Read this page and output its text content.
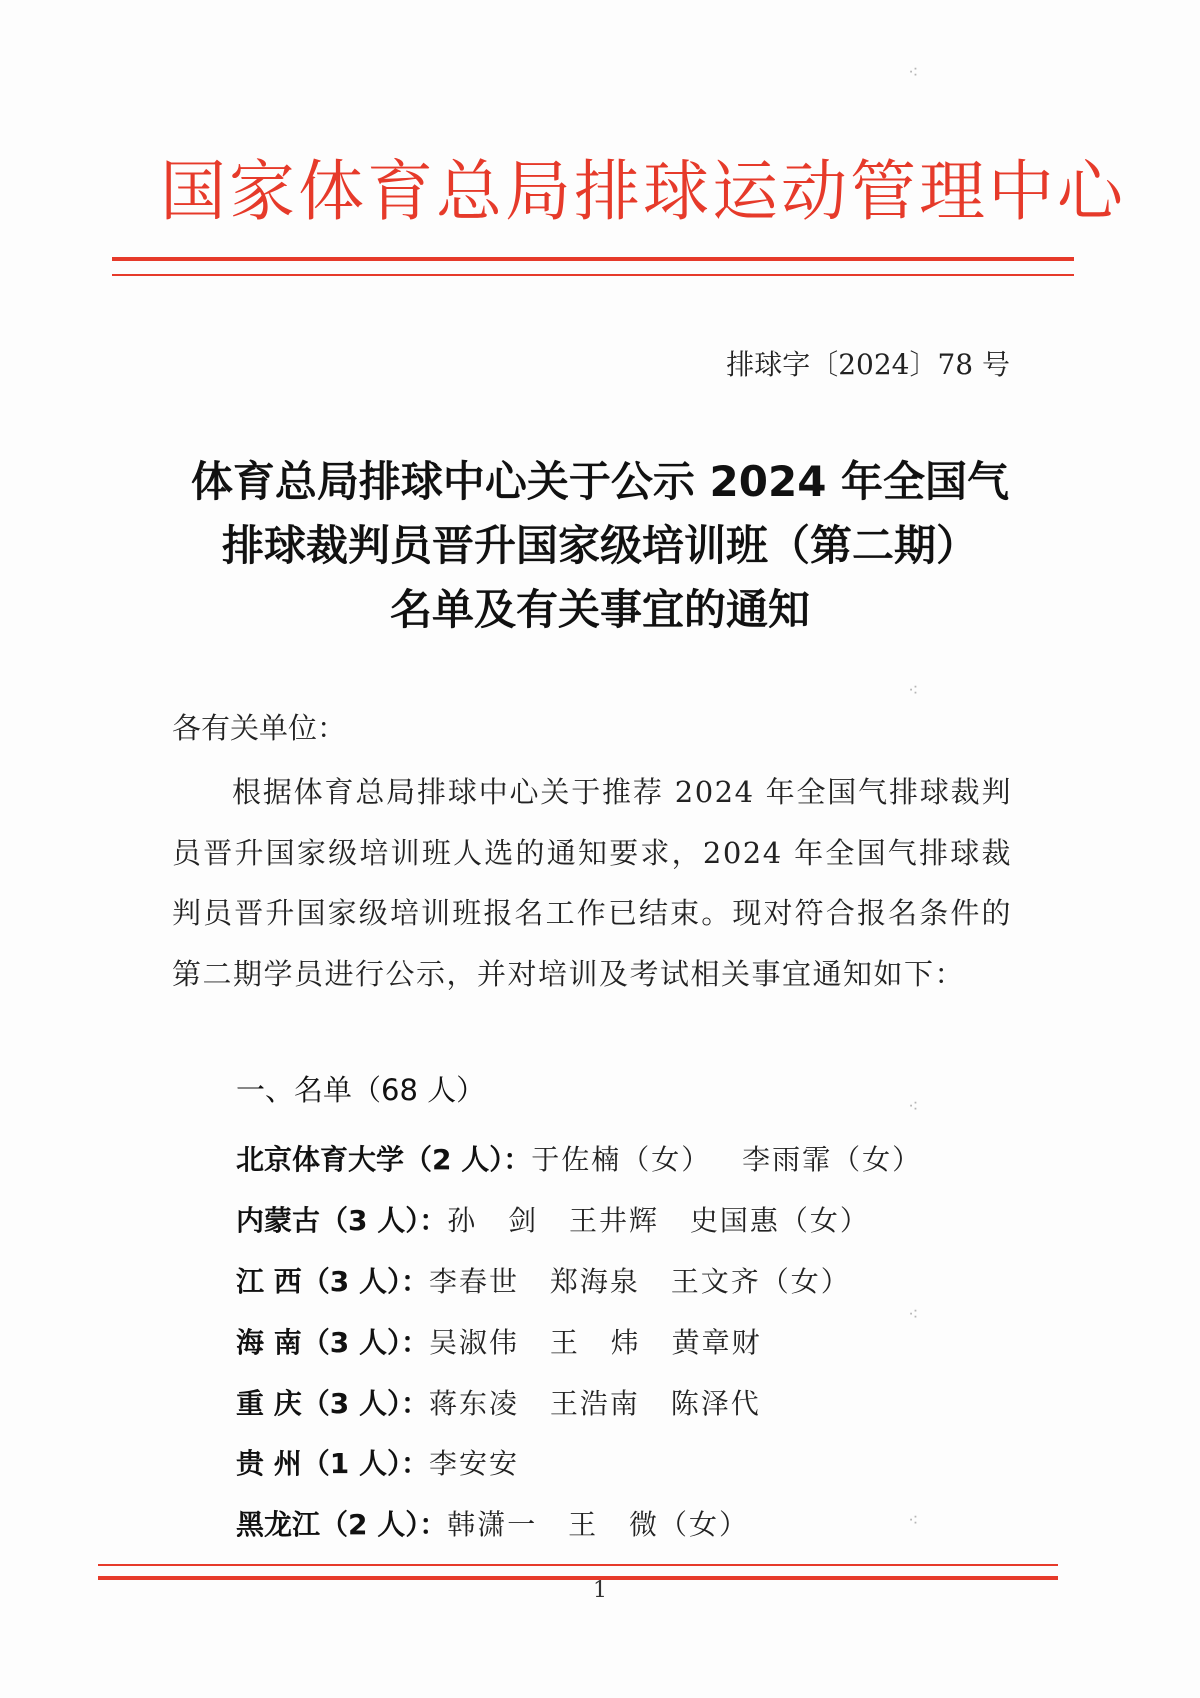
国家体育总局排球运动管理中心
排球字〔2024〕78 号
体育总局排球中心关于公示 2024 年全国气
排球裁判员晋升国家级培训班（第二期）
名单及有关事宜的通知
各有关单位：
根据体育总局排球中心关于推荐 2024 年全国气排球裁判员晋升国家级培训班人选的通知要求，2024 年全国气排球裁判员晋升国家级培训班报名工作已结束。现对符合报名条件的第二期学员进行公示，并对培训及考试相关事宜通知如下：
一、名单（68 人）
北京体育大学（2 人）： 于佐楠（女） 李雨霏（女）
内蒙古（3 人）： 孙 剑 王井辉 史国惠（女）
江 西（3 人）： 李春世 郑海泉 王文齐（女）
海 南（3 人）： 吴淑伟 王 炜 黄章财
重 庆（3 人）： 蒋东凌 王浩南 陈泽代
贵 州（1 人）： 李安安
黑龙江（2 人）： 韩潇一 王 微（女）
1
⁖
⁖
⁖
⁖
⁖
